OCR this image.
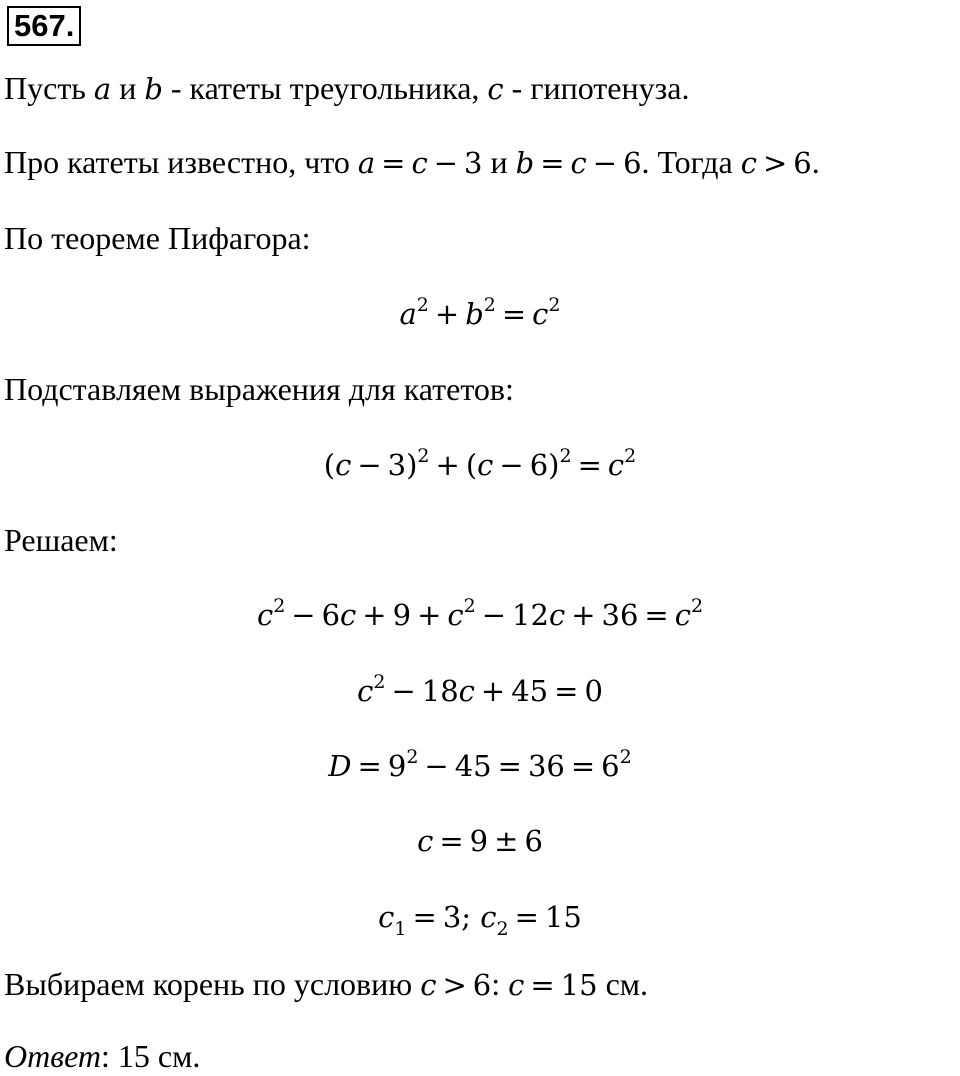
567.
Пусть a и b - катеты треугольника, c - гипотенуза.
Про катеты известно, что a = c − 3 и b = c − 6. Тогда c > 6.
По теореме Пифагора:
$a^2 + b^2 = c^2$
Подставляем выражения для катетов:
$(c - 3)^2 + (c - 6)^2 = c^2$
Решаем:
$c^2 - 6c + 9 + c^2 - 12c + 36 = c^2$
$c^2 - 18c + 45 = 0$
$D = 9^2 - 45 = 36 = 6^2$
c = 9 ± 6
$c_1 = 3$; $c_2 = 15$
Выбираем корень по условию c > 6: c = 15 см.
Ответ: 15 см.
